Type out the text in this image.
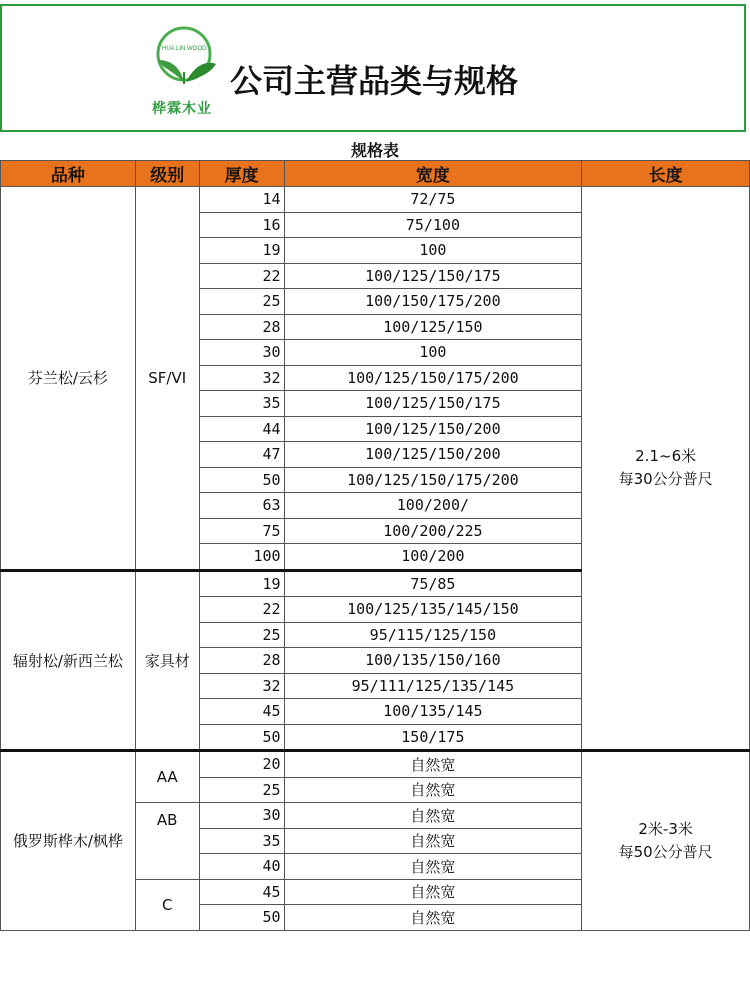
HUA LIN WOOD
桦霖木业
公司主营品类与规格
规格表
品种	级别	厚度	宽度	长度
芬兰松/云杉	SF/VI	14	72/75	2.1~6米
每30公分普尺

		16	75/100	
		19	100	
		22	100/125/150/175	
		25	100/150/175/200	
		28	100/125/150	
		30	100	
		32	100/125/150/175/200	
		35	100/125/150/175	
		44	100/125/150/200	
		47	100/125/150/200	
		50	100/125/150/175/200	
		63	100/200/	
		75	100/200/225	
		100	100/200	
辐射松/新西兰松	家具材	19	75/85	
		22	100/125/135/145/150	
		25	95/115/125/150	
		28	100/135/150/160	
		32	95/111/125/135/145	
		45	100/135/145	
		50	150/175	
俄罗斯桦木/枫桦	AA	20	自然宽	2米-3米
每50公分普尺

		25	自然宽	
	AB	30	自然宽	
		35	自然宽	
		40	自然宽	
	C	45	自然宽	
		50	自然宽	
